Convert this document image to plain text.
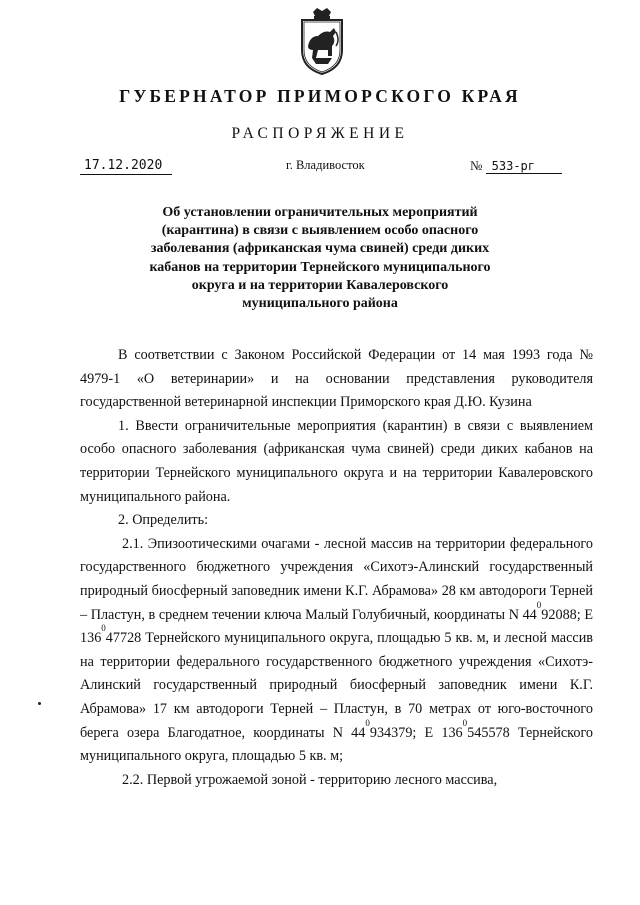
ГУБЕРНАТОР ПРИМОРСКОГО КРАЯ
РАСПОРЯЖЕНИЕ
17.12.2020	г. Владивосток	№ 533-рг
Об установлении ограничительных мероприятий (карантина) в связи с выявлением особо опасного заболевания (африканская чума свиней) среди диких кабанов на территории Тернейского муниципального округа и на территории Кавалеровского муниципального района

В соответствии с Законом Российской Федерации от 14 мая 1993 года № 4979-1 «О ветеринарии» и на основании представления руководителя государственной ветеринарной инспекции Приморского края Д.Ю. Кузина

1. Ввести ограничительные мероприятия (карантин) в связи с выявлением особо опасного заболевания (африканская чума свиней) среди диких кабанов на территории Тернейского муниципального округа и на территории Кавалеровского муниципального района.

2. Определить:

2.1. Эпизоотическими очагами - лесной массив на территории федерального государственного бюджетного учреждения «Сихотэ-Алинский государственный природный биосферный заповедник имени К.Г. Абрамова» 28 км автодороги Терней – Пластун, в среднем течении ключа Малый Голубичный, координаты N $44^092088$; E $136^047728$ Тернейского муниципального округа, площадью 5 кв. м, и лесной массив на территории федерального государственного бюджетного учреждения «Сихотэ-Алинский государственный природный биосферный заповедник имени К.Г. Абрамова» 17 км автодороги Терней – Пластун, в 70 метрах от юго-восточного берега озера Благодатное, координаты N $44^0934379$; E $136^0545578$ Тернейского муниципального округа, площадью 5 кв. м;

2.2. Первой угрожаемой зоной - территорию лесного массива,
